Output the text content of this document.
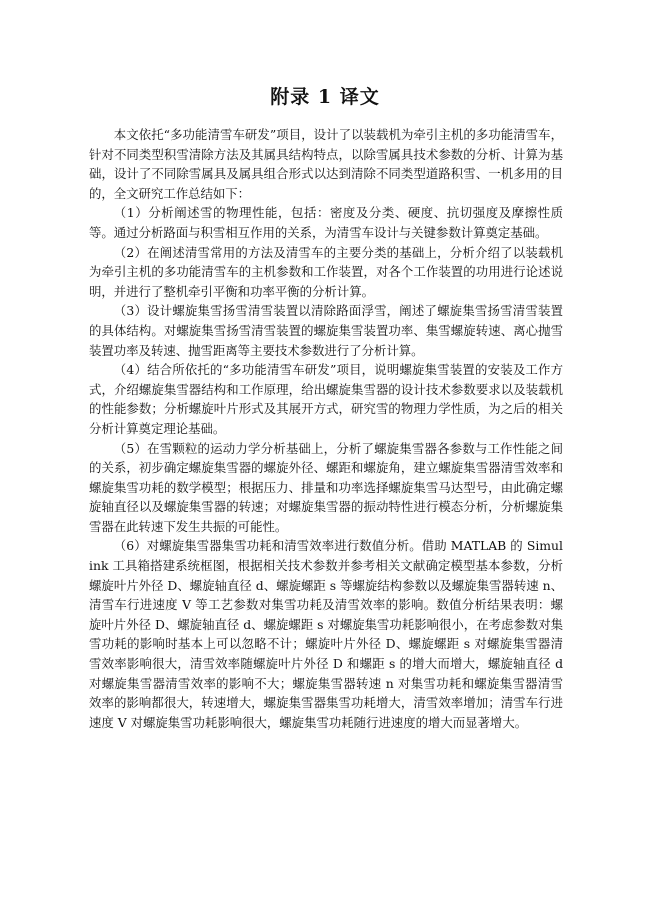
附录 1 译文

本文依托“多功能清雪车研发”项目，设计了以装载机为牵引主机的多功能清雪车，针对不同类型积雪清除方法及其属具结构特点，以除雪属具技术参数的分析、计算为基础，设计了不同除雪属具及属具组合形式以达到清除不同类型道路积雪、一机多用的目的，全文研究工作总结如下：

（1）分析阐述雪的物理性能，包括：密度及分类、硬度、抗切强度及摩擦性质等。通过分析路面与积雪相互作用的关系，为清雪车设计与关键参数计算奠定基础。

（2）在阐述清雪常用的方法及清雪车的主要分类的基础上，分析介绍了以装载机为牵引主机的多功能清雪车的主机参数和工作装置，对各个工作装置的功用进行论述说明，并进行了整机牵引平衡和功率平衡的分析计算。

（3）设计螺旋集雪扬雪清雪装置以清除路面浮雪，阐述了螺旋集雪扬雪清雪装置的具体结构。对螺旋集雪扬雪清雪装置的螺旋集雪装置功率、集雪螺旋转速、离心抛雪装置功率及转速、抛雪距离等主要技术参数进行了分析计算。

（4）结合所依托的“多功能清雪车研发”项目，说明螺旋集雪装置的安装及工作方式，介绍螺旋集雪器结构和工作原理，给出螺旋集雪器的设计技术参数要求以及装载机的性能参数；分析螺旋叶片形式及其展开方式，研究雪的物理力学性质，为之后的相关分析计算奠定理论基础。

（5）在雪颗粒的运动力学分析基础上，分析了螺旋集雪器各参数与工作性能之间的关系，初步确定螺旋集雪器的螺旋外径、螺距和螺旋角，建立螺旋集雪器清雪效率和螺旋集雪功耗的数学模型；根据压力、排量和功率选择螺旋集雪马达型号，由此确定螺旋轴直径以及螺旋集雪器的转速；对螺旋集雪器的振动特性进行模态分析，分析螺旋集雪器在此转速下发生共振的可能性。

（6）对螺旋集雪器集雪功耗和清雪效率进行数值分析。借助 MATLAB 的 Simulink 工具箱搭建系统框图，根据相关技术参数并参考相关文献确定模型基本参数，分析螺旋叶片外径 D、螺旋轴直径 d、螺旋螺距 s 等螺旋结构参数以及螺旋集雪器转速 n、清雪车行进速度 V 等工艺参数对集雪功耗及清雪效率的影响。数值分析结果表明：螺旋叶片外径 D、螺旋轴直径 d、螺旋螺距 s 对螺旋集雪功耗影响很小，在考虑参数对集雪功耗的影响时基本上可以忽略不计；螺旋叶片外径 D、螺旋螺距 s 对螺旋集雪器清雪效率影响很大，清雪效率随螺旋叶片外径 D 和螺距 s 的增大而增大，螺旋轴直径 d 对螺旋集雪器清雪效率的影响不大；螺旋集雪器转速 n 对集雪功耗和螺旋集雪器清雪效率的影响都很大，转速增大，螺旋集雪器集雪功耗增大，清雪效率增加；清雪车行进速度 V 对螺旋集雪功耗影响很大，螺旋集雪功耗随行进速度的增大而显著增大。
